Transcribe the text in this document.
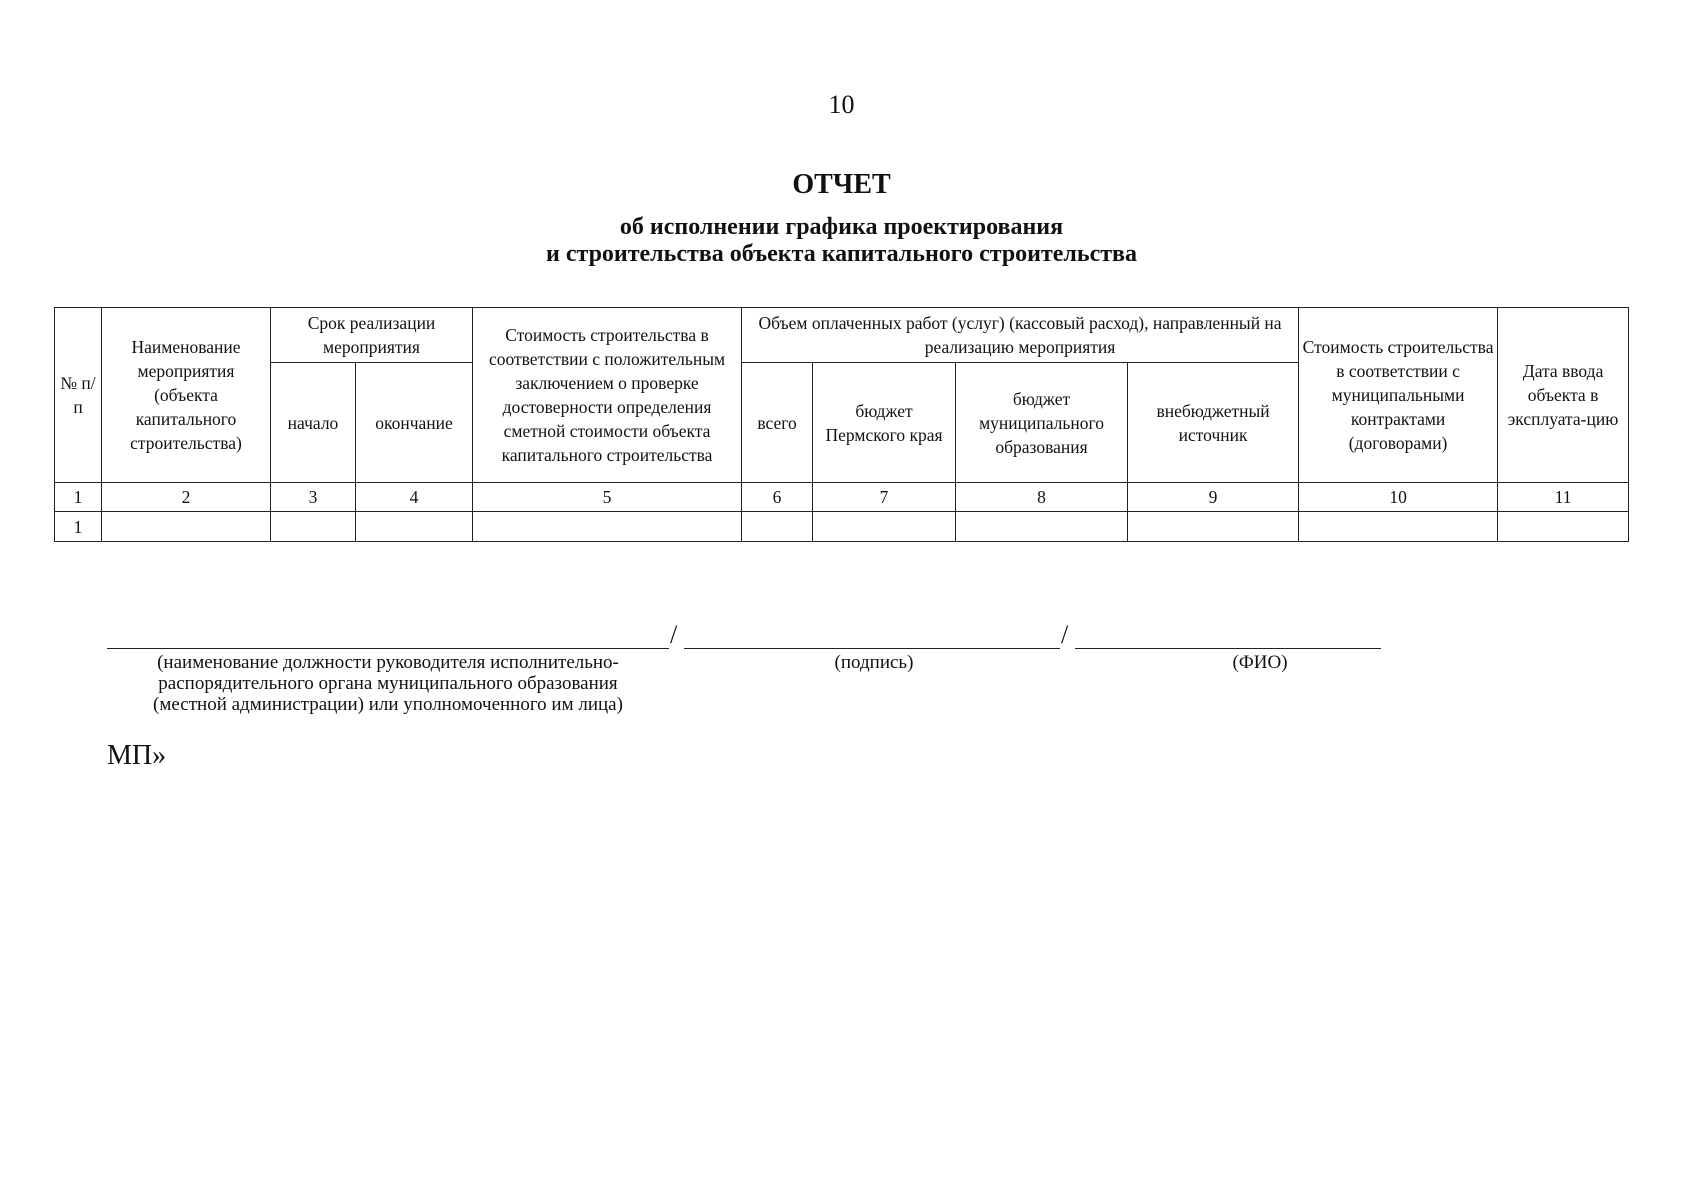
10
ОТЧЕТ
об исполнении графика проектирования
и строительства объекта капитального строительства
№ п/п	Наименование мероприятия (объекта капитального строительства)	Срок реализации мероприятия		Стоимость строительства в соответствии с положительным заключением о проверке достоверности определения сметной стоимости объекта капитального строительства	Объем оплаченных работ (услуг) (кассовый расход), направленный на реализацию мероприятия				Стоимость строительства в соответствии с муниципальными контрактами (договорами)	Дата ввода объекта в эксплуата-цию
		начало	окончание		всего	бюджет Пермского края	бюджет муниципального образования	внебюджетный источник		
1	2	3	4	5	6	7	8	9	10	11
1										
/	/
(наименование должности руководителя исполнительно-
распорядительного органа муниципального образования
(местной администрации) или уполномоченного им лица)
(подпись)	(ФИО)
МП»
